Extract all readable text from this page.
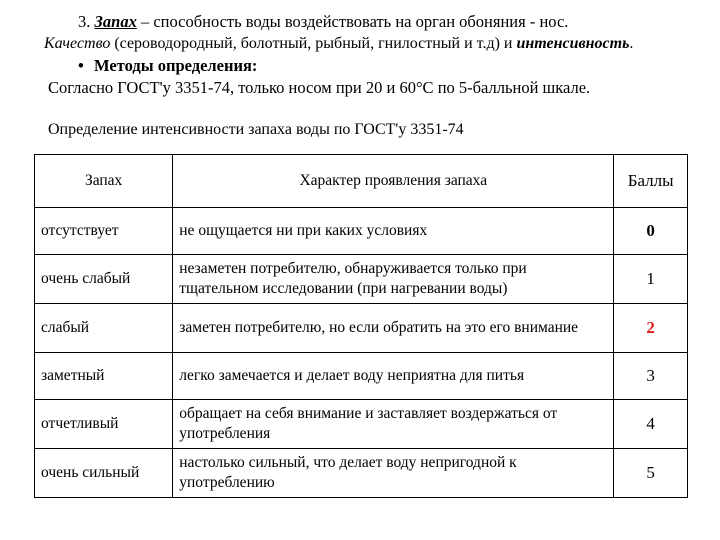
3. Запах – способность воды воздействовать на орган обоняния - нос.
Качество (сероводородный, болотный, рыбный, гнилостный и т.д) и интенсивность.
• Методы определения:
Согласно ГОСТ'у 3351-74, только носом при 20 и 60°С по 5-балльной шкале.
Определение интенсивности запаха воды по ГОСТ'у 3351-74
Запах	Характер проявления запаха	Баллы
отсутствует	не ощущается ни при каких условиях	0
очень слабый	незаметен потребителю, обнаруживается только при тщательном исследовании (при нагревании воды)	1
слабый	заметен потребителю, но если обратить на это его внимание	2
заметный	легко замечается и делает воду неприятна для питья	3
отчетливый	обращает на себя внимание и заставляет воздержаться от употребления	4
очень сильный	настолько сильный, что делает воду непригодной к употреблению	5
